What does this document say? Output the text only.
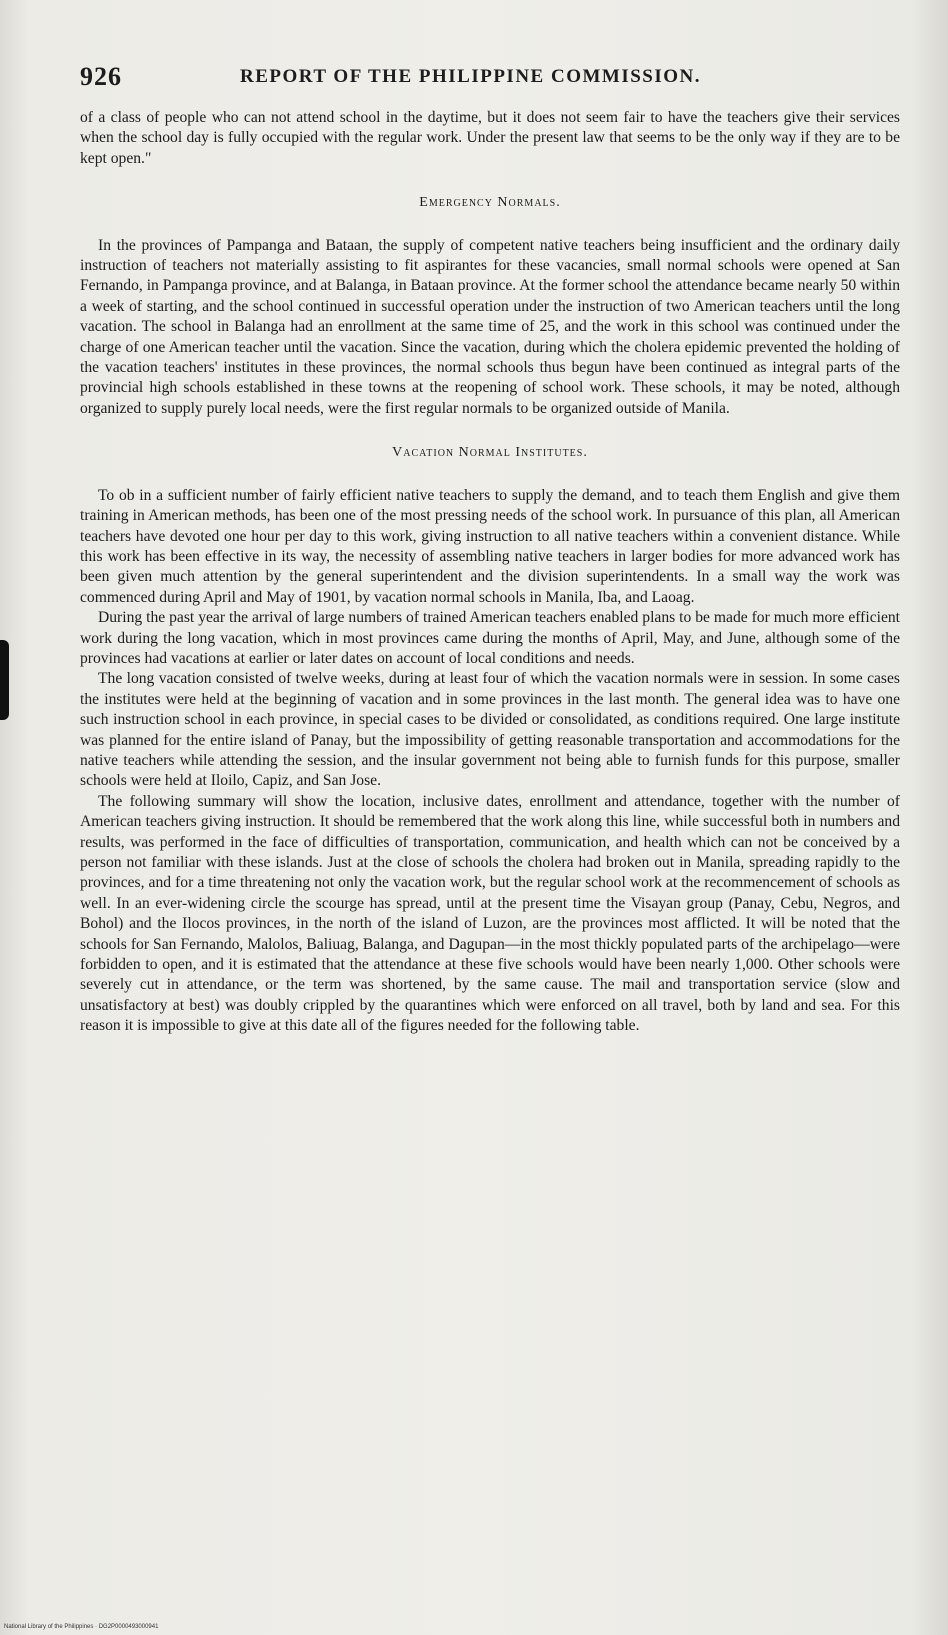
926	REPORT OF THE PHILIPPINE COMMISSION.

of a class of people who can not attend school in the daytime, but it does not seem fair to have the teachers give their services when the school day is fully occupied with the regular work. Under the present law that seems to be the only way if they are to be kept open."

Emergency Normals.

In the provinces of Pampanga and Bataan, the supply of competent native teachers being insufficient and the ordinary daily instruction of teachers not materially assisting to fit aspirantes for these vacancies, small normal schools were opened at San Fernando, in Pampanga province, and at Balanga, in Bataan province. At the former school the attendance became nearly 50 within a week of starting, and the school continued in successful operation under the instruction of two American teachers until the long vacation. The school in Balanga had an enrollment at the same time of 25, and the work in this school was continued under the charge of one American teacher until the vacation. Since the vacation, during which the cholera epidemic prevented the holding of the vacation teachers' institutes in these provinces, the normal schools thus begun have been continued as integral parts of the provincial high schools established in these towns at the reopening of school work. These schools, it may be noted, although organized to supply purely local needs, were the first regular normals to be organized outside of Manila.

Vacation Normal Institutes.

To ob in a sufficient number of fairly efficient native teachers to supply the demand, and to teach them English and give them training in American methods, has been one of the most pressing needs of the school work. In pursuance of this plan, all American teachers have devoted one hour per day to this work, giving instruction to all native teachers within a convenient distance. While this work has been effective in its way, the necessity of assembling native teachers in larger bodies for more advanced work has been given much attention by the general superintendent and the division superintendents. In a small way the work was commenced during April and May of 1901, by vacation normal schools in Manila, Iba, and Laoag.

During the past year the arrival of large numbers of trained American teachers enabled plans to be made for much more efficient work during the long vacation, which in most provinces came during the months of April, May, and June, although some of the provinces had vacations at earlier or later dates on account of local conditions and needs.

The long vacation consisted of twelve weeks, during at least four of which the vacation normals were in session. In some cases the institutes were held at the beginning of vacation and in some provinces in the last month. The general idea was to have one such instruction school in each province, in special cases to be divided or consolidated, as conditions required. One large institute was planned for the entire island of Panay, but the impossibility of getting reasonable transportation and accommodations for the native teachers while attending the session, and the insular government not being able to furnish funds for this purpose, smaller schools were held at Iloilo, Capiz, and San Jose.

The following summary will show the location, inclusive dates, enrollment and attendance, together with the number of American teachers giving instruction. It should be remembered that the work along this line, while successful both in numbers and results, was performed in the face of difficulties of transportation, communication, and health which can not be conceived by a person not familiar with these islands. Just at the close of schools the cholera had broken out in Manila, spreading rapidly to the provinces, and for a time threatening not only the vacation work, but the regular school work at the recommencement of schools as well. In an ever-widening circle the scourge has spread, until at the present time the Visayan group (Panay, Cebu, Negros, and Bohol) and the Ilocos provinces, in the north of the island of Luzon, are the provinces most afflicted. It will be noted that the schools for San Fernando, Malolos, Baliuag, Balanga, and Dagupan—in the most thickly populated parts of the archipelago—were forbidden to open, and it is estimated that the attendance at these five schools would have been nearly 1,000. Other schools were severely cut in attendance, or the term was shortened, by the same cause. The mail and transportation service (slow and unsatisfactory at best) was doubly crippled by the quarantines which were enforced on all travel, both by land and sea. For this reason it is impossible to give at this date all of the figures needed for the following table.

National Library of the Philippines · DG2P0000493000941
